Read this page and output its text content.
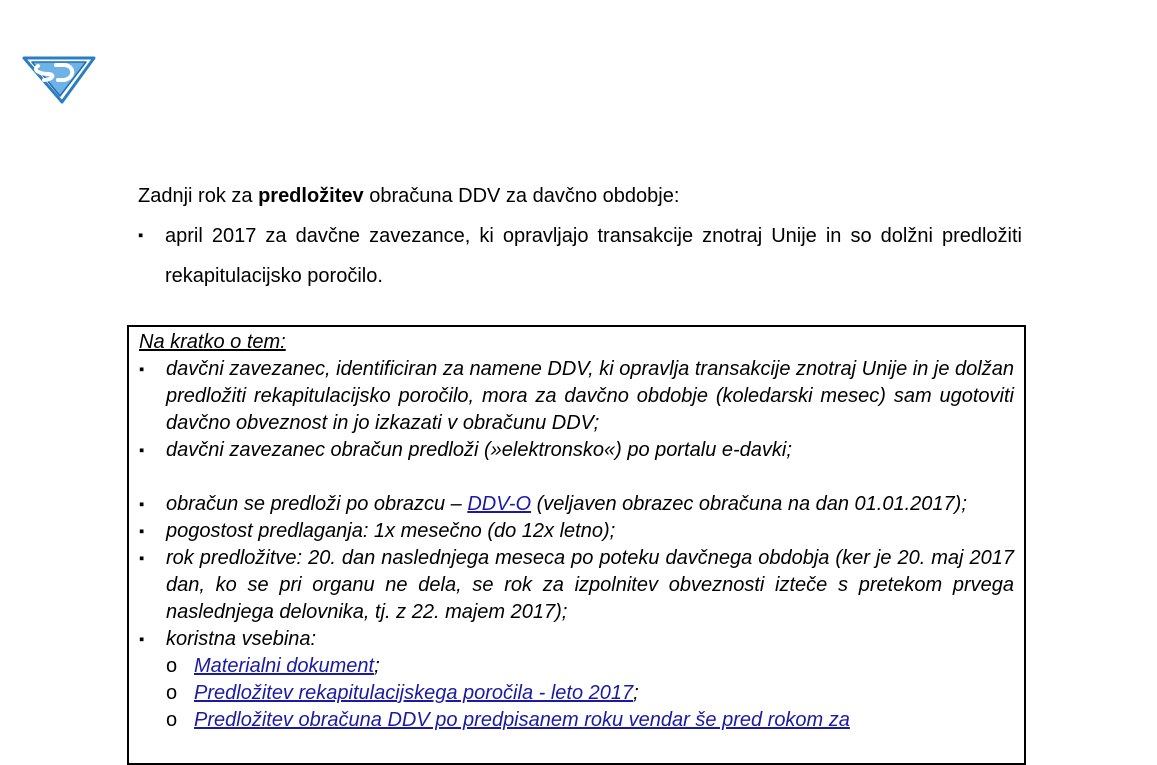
Zadnji rok za predložitev obračuna DDV za davčno obdobje:

▪ april 2017 za davčne zavezance, ki opravljajo transakcije znotraj Unije in so dolžni predložiti rekapitulacijsko poročilo.

Na kratko o tem:

▪ davčni zavezanec, identificiran za namene DDV, ki opravlja transakcije znotraj Unije in je dolžan predložiti rekapitulacijsko poročilo, mora za davčno obdobje (koledarski mesec) sam ugotoviti davčno obveznost in jo izkazati v obračunu DDV;
▪ davčni zavezanec obračun predloži (»elektronsko«) po portalu e-davki;
▪ obračun se predloži po obrazcu – DDV-O (veljaven obrazec obračuna na dan 01.01.2017);
▪ pogostost predlaganja: 1x mesečno (do 12x letno);
▪ rok predložitve: 20. dan naslednjega meseca po poteku davčnega obdobja (ker je 20. maj 2017 dan, ko se pri organu ne dela, se rok za izpolnitev obveznosti izteče s pretekom prvega naslednjega delovnika, tj. z 22. majem 2017);
▪ koristna vsebina:
o Materialni dokument;
o Predložitev rekapitulacijskega poročila - leto 2017;
o Predložitev obračuna DDV po predpisanem roku vendar še pred rokom za
